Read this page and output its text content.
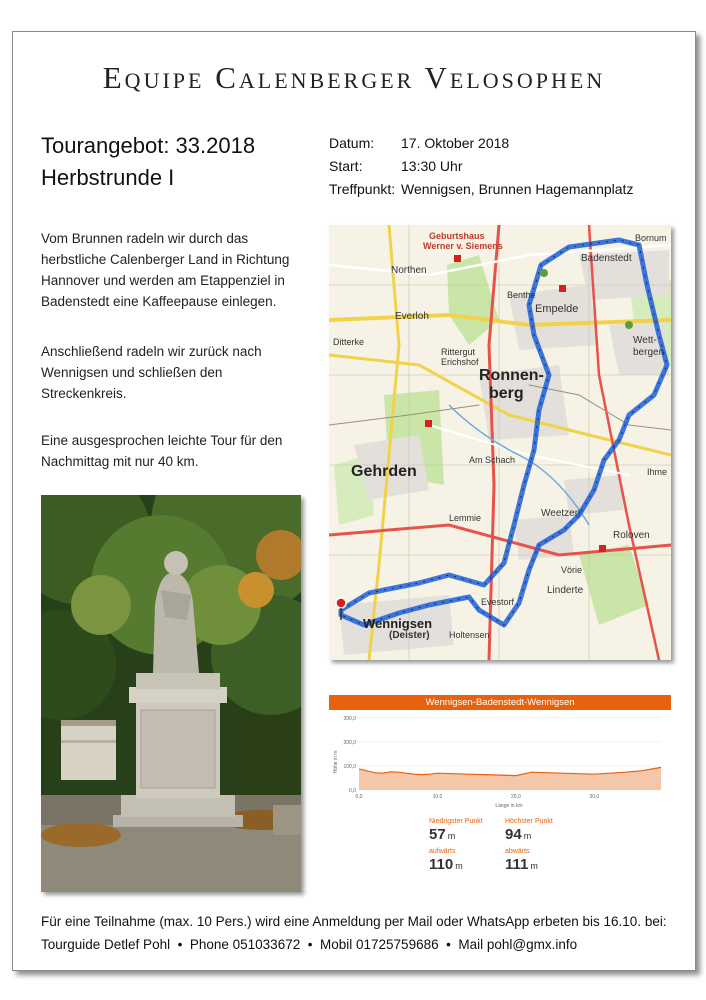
Equipe Calenberger Velosophen
Tourangebot: 33.2018
Herbstrunde I
Datum:	17. Oktober 2018
Start:	13:30 Uhr
Treffpunkt: Wennigsen, Brunnen Hagemannplatz
Vom Brunnen radeln wir durch das herbstliche Calenberger Land in Richtung Hannover und werden am Etappenziel in Badenstedt eine Kaffeepause einlegen.
Anschließend radeln wir zurück nach Wennigsen und schließen den Streckenkreis.
Eine ausgesprochen leichte Tour für den Nachmittag mit nur 40 km.
Ronnen-
berg
Gehrden
Wennigsen
(Deister)
Northen
Everloh
Ditterke
Benthe
Empelde
Badenstedt
Bornum
Wett-
bergen
Weetzen
Linderte
Vörie
Holtensen
Evestorf
Lemmie
Roloven
Ihme
Rittergut
Erichshof
Am Schach
Geburtshaus
Werner v. Siemens
Wennigsen-Badenstedt-Wennigsen
Höhe in m
Länge in km
300,0
200,0
100,0
0,0
0,0	10,0	20,0	30,0
Niedrigster Punkt
57 m
Höchster Punkt
94 m
aufwärts
110 m
abwärts
111 m
Für eine Teilnahme (max. 10 Pers.) wird eine Anmeldung per Mail oder WhatsApp erbeten bis 16.10. bei:
Tourguide Detlef Pohl • Phone 051033672 • Mobil 01725759686 • Mail pohl@gmx.info
